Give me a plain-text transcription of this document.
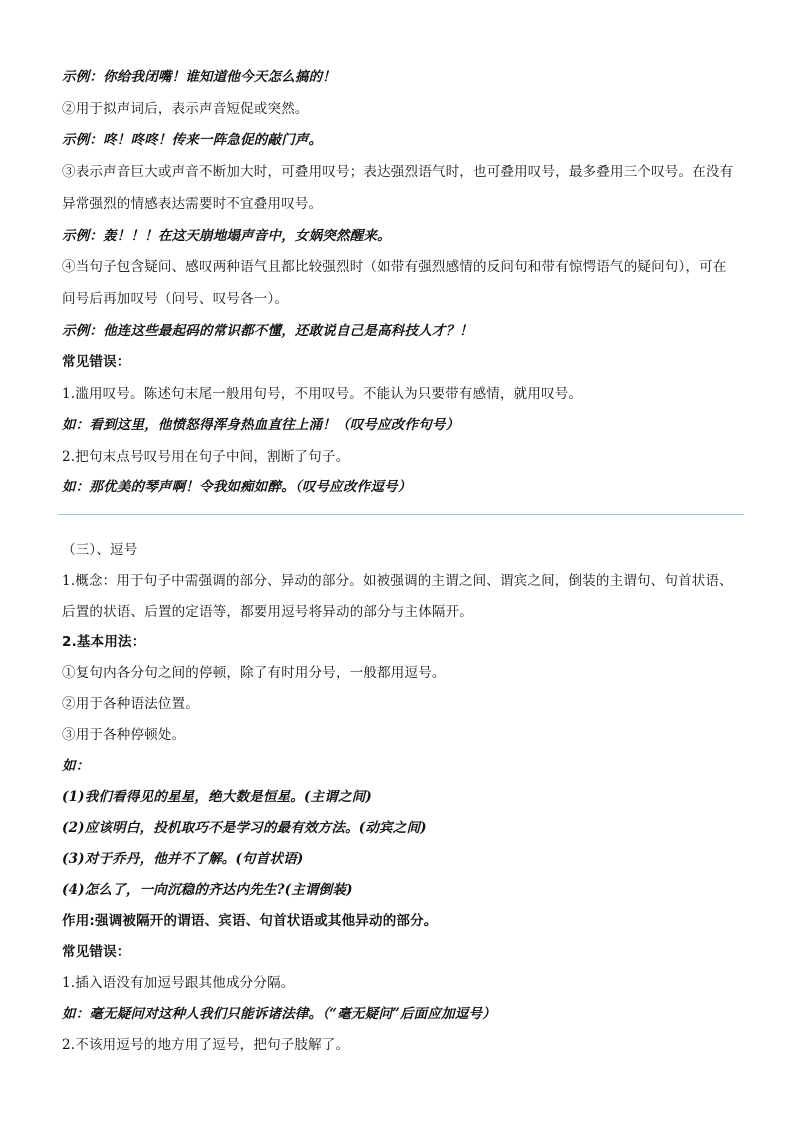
示例：你给我闭嘴！谁知道他今天怎么搞的！
②用于拟声词后，表示声音短促或突然。
示例：咚！咚咚！传来一阵急促的敲门声。
③表示声音巨大或声音不断加大时，可叠用叹号；表达强烈语气时，也可叠用叹号，最多叠用三个叹号。在没有
异常强烈的情感表达需要时不宜叠用叹号。
示例：轰！！！在这天崩地塌声音中，女娲突然醒来。
④当句子包含疑问、感叹两种语气且都比较强烈时（如带有强烈感情的反问句和带有惊愕语气的疑问句），可在
问号后再加叹号（问号、叹号各一）。
示例：他连这些最起码的常识都不懂，还敢说自己是高科技人才？！
常见错误：
1.滥用叹号。陈述句末尾一般用句号，不用叹号。不能认为只要带有感情，就用叹号。
如：看到这里，他愤怒得浑身热血直往上涌！（叹号应改作句号）
2.把句末点号叹号用在句子中间，割断了句子。
如：那优美的琴声啊！令我如痴如醉。（叹号应改作逗号）
（三）、逗号
1.概念：用于句子中需强调的部分、异动的部分。如被强调的主谓之间、谓宾之间，倒装的主谓句、句首状语、
后置的状语、后置的定语等，都要用逗号将异动的部分与主体隔开。
2.基本用法：
①复句内各分句之间的停顿，除了有时用分号，一般都用逗号。
②用于各种语法位置。
③用于各种停顿处。
如：
(1)我们看得见的星星，绝大数是恒星。(主谓之间)
(2)应该明白，投机取巧不是学习的最有效方法。(动宾之间)
(3)对于乔丹，他并不了解。(句首状语)
(4)怎么了，一向沉稳的齐达内先生?(主谓倒装)
作用:强调被隔开的谓语、宾语、句首状语或其他异动的部分。
常见错误：
1.插入语没有加逗号跟其他成分分隔。
如：毫无疑问对这种人我们只能诉诸法律。（“毫无疑问”后面应加逗号）
2.不该用逗号的地方用了逗号，把句子肢解了。
